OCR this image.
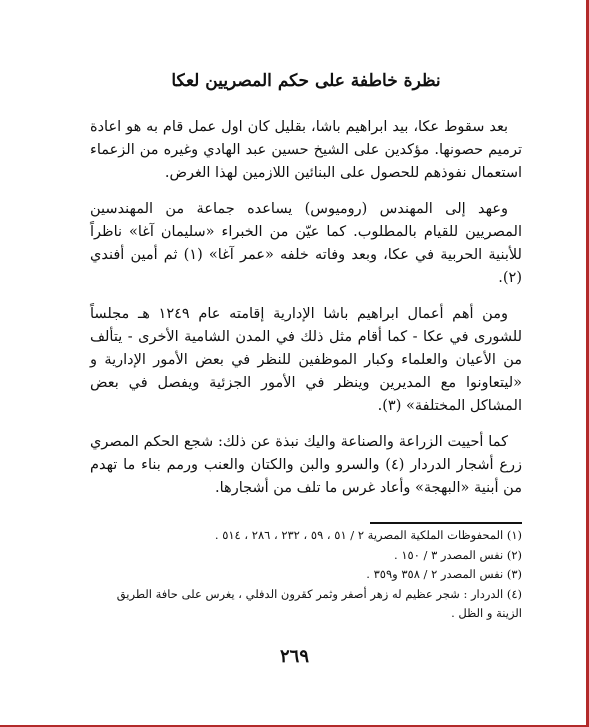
نظرة خاطفة على حكم المصريين لعكا

بعد سقوط عكا، بيد ابراهيم باشا، بقليل كان اول عمل قام به هو اعادة ترميم حصونها. مؤكدين على الشيخ حسين عبد الهادي وغيره من الزعماء استعمال نفوذهم للحصول على البنائين اللازمين لهذا الغرض.

وعهد إلى المهندس (روميوس) يساعده جماعة من المهندسين المصريين للقيام بالمطلوب. كما عيّن من الخبراء «سليمان آغا» ناظراً للأبنية الحربية في عكا، وبعد وفاته خلفه «عمر آغا» (١) ثم أمين أفندي (٢).

ومن أهم أعمال ابراهيم باشا الإدارية إقامته عام ١٢٤٩ هـ مجلساً للشورى في عكا - كما أقام مثل ذلك في المدن الشامية الأخرى - يتألف من الأعيان والعلماء وكبار الموظفين للنظر في بعض الأمور الإدارية و «ليتعاونوا مع المديرين وينظر في الأمور الجزئية ويفصل في بعض المشاكل المختلفة» (٣).

كما أحييت الزراعة والصناعة واليك نبذة عن ذلك: شجع الحكم المصري زرع أشجار الدردار (٤) والسرو والبن والكتان والعنب ورمم بناء ما تهدم من أبنية «البهجة» وأعاد غرس ما تلف من أشجارها.

(١) المحفوظات الملكية المصرية ٢ / ٥١ ، ٥٩ ، ٢٣٢ ، ٢٨٦ ، ٥١٤ .

(٢) نفس المصدر ٣ / ١٥٠ .

(٣) نفس المصدر ٢ / ٣٥٨ و٣٥٩ .

(٤) الدردار : شجر عظيم له زهر أصفر وثمر كقرون الدفلي ، يغرس على حافة الطريق

الزينة و الظل .

٢٦٩
